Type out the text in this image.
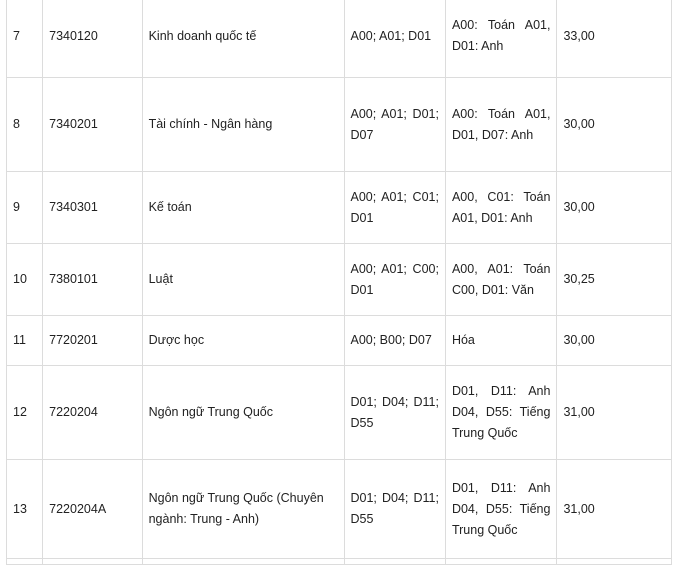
7	7340120	Kinh doanh quốc tế	A00; A01; D01	A00: Toán A01, D01: Anh	33,00
8	7340201	Tài chính - Ngân hàng	A00; A01; D01; D07	A00: Toán A01, D01, D07: Anh	30,00
9	7340301	Kế toán	A00; A01; C01; D01	A00, C01: Toán A01, D01: Anh	30,00
10	7380101	Luật	A00; A01; C00; D01	A00, A01: Toán C00, D01: Văn	30,25
11	7720201	Dược học	A00; B00; D07	Hóa	30,00
12	7220204	Ngôn ngữ Trung Quốc	D01; D04; D11; D55	D01, D11: Anh D04, D55: Tiếng Trung Quốc	31,00
13	7220204A	Ngôn ngữ Trung Quốc (Chuyên ngành: Trung - Anh)	D01; D04; D11; D55	D01, D11: Anh D04, D55: Tiếng Trung Quốc	31,00
